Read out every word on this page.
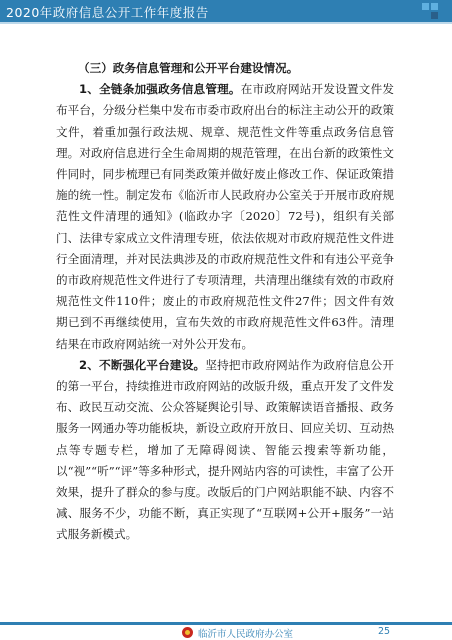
2020年政府信息公开工作年度报告

（三）政务信息管理和公开平台建设情况。

1、全链条加强政务信息管理。在市政府网站开发设置文件发布平台，分级分栏集中发布市委市政府出台的标注主动公开的政策文件，着重加强行政法规、规章、规范性文件等重点政务信息管理。对政府信息进行全生命周期的规范管理，在出台新的政策性文件同时，同步梳理已有同类政策并做好废止修改工作、保证政策措施的统一性。制定发布《临沂市人民政府办公室关于开展市政府规范性文件清理的通知》(临政办字〔2020〕72号)，组织有关部门、法律专家成立文件清理专班，依法依规对市政府规范性文件进行全面清理，并对民法典涉及的市政府规范性文件和有违公平竞争的市政府规范性文件进行了专项清理，共清理出继续有效的市政府规范性文件110件；废止的市政府规范性文件27件；因文件有效期已到不再继续使用，宣布失效的市政府规范性文件63件。清理结果在市政府网站统一对外公开发布。

2、不断强化平台建设。坚持把市政府网站作为政府信息公开的第一平台，持续推进市政府网站的改版升级，重点开发了文件发布、政民互动交流、公众答疑舆论引导、政策解读语音播报、政务服务一网通办等功能板块，新设立政府开放日、回应关切、互动热点等专题专栏，增加了无障碍阅读、智能云搜索等新功能，以“视”“听”“评”等多种形式，提升网站内容的可读性，丰富了公开效果，提升了群众的参与度。改版后的门户网站职能不缺、内容不减、服务不少，功能不断，真正实现了“互联网+公开+服务”一站式服务新模式。

临沂市人民政府办公室	25
